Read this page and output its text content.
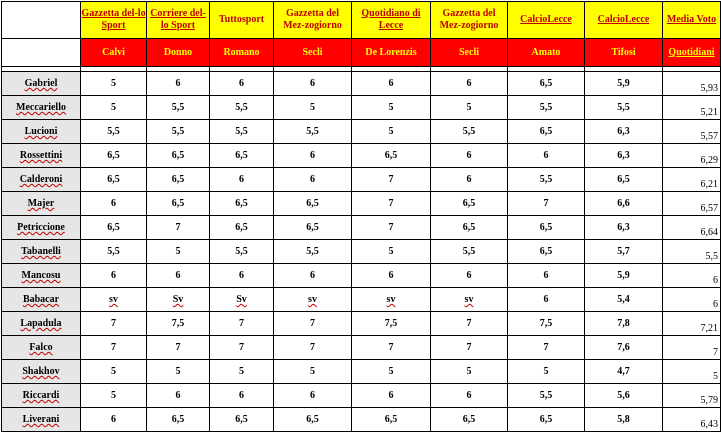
	Gazzetta del-lo Sport	Corriere del-lo Sport	Tuttosport	Gazzetta del Mez-zogiorno	Quotidiano di Lecce	Gazzetta del Mez-zogiorno	CalcioLecce	CalcioLecce	Media Voto
	Calvi	Donno	Romano	Secli	De Lorenzis	Secli	Amato	Tifosi	Quotidiani

Gabriel	5	6	6	6	6	6	6,5	5,9	5,93
Meccariello	5	5,5	5,5	5	5	5	5,5	5,5	5,21
Lucioni	5,5	5,5	5,5	5,5	5	5,5	6,5	6,3	5,57
Rossettini	6,5	6,5	6,5	6	6,5	6	6	6,3	6,29
Calderoni	6,5	6,5	6	6	7	6	5,5	6,5	6,21
Majer	6	6,5	6,5	6,5	7	6,5	7	6,6	6,57
Petriccione	6,5	7	6,5	6,5	7	6,5	6,5	6,3	6,64
Tabanelli	5,5	5	5,5	5,5	5	5,5	6,5	5,7	5,5
Mancosu	6	6	6	6	6	6	6	5,9	6
Babacar	sv	Sv	Sv	sv	sv	sv	6	5,4	6
Lapadula	7	7,5	7	7	7,5	7	7,5	7,8	7,21
Falco	7	7	7	7	7	7	7	7,6	7
Shakhov	5	5	5	5	5	5	5	4,7	5
Riccardi	5	6	6	6	6	6	5,5	5,6	5,79
Liverani	6	6,5	6,5	6,5	6,5	6,5	6,5	5,8	6,43
